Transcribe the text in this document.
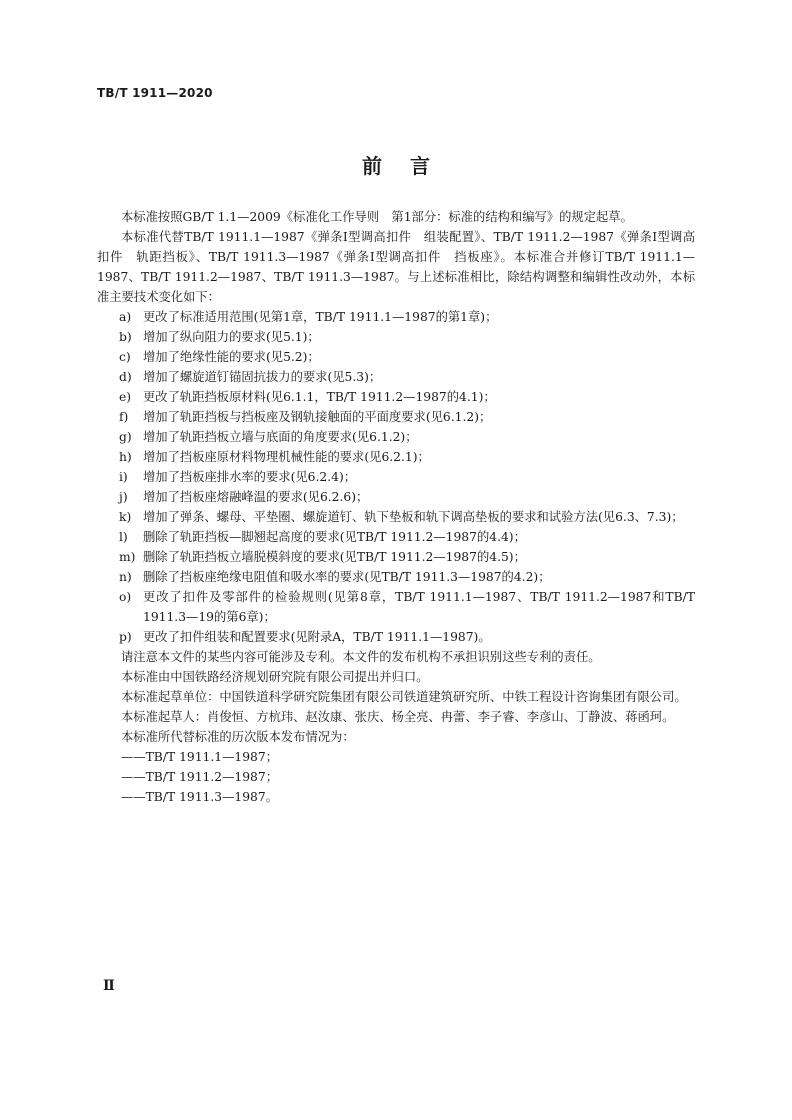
TB/T 1911—2020
前言

本标准按照GB/T 1.1—2009《标准化工作导则　第1部分：标准的结构和编写》的规定起草。

本标准代替TB/T 1911.1—1987《弹条Ⅰ型调高扣件　组装配置》、TB/T 1911.2—1987《弹条Ⅰ型调高扣件　轨距挡板》、TB/T 1911.3—1987《弹条Ⅰ型调高扣件　挡板座》。本标准合并修订TB/T 1911.1—1987、TB/T 1911.2—1987、TB/T 1911.3—1987。与上述标准相比，除结构调整和编辑性改动外，本标准主要技术变化如下：

a) 更改了标准适用范围(见第1章，TB/T 1911.1—1987的第1章)；
b) 增加了纵向阻力的要求(见5.1)；
c)	增加了绝缘性能的要求(见5.2)；
d) 增加了螺旋道钉锚固抗拔力的要求(见5.3)；
e) 更改了轨距挡板原材料(见6.1.1，TB/T 1911.2—1987的4.1)；
f)	增加了轨距挡板与挡板座及钢轨接触面的平面度要求(见6.1.2)；
g) 增加了轨距挡板立墙与底面的角度要求(见6.1.2)；
h) 增加了挡板座原材料物理机械性能的要求(见6.2.1)；
i)	增加了挡板座排水率的要求(见6.2.4)；
j)	增加了挡板座熔融峰温的要求(见6.2.6)；
k) 增加了弹条、螺母、平垫圈、螺旋道钉、轨下垫板和轨下调高垫板的要求和试验方法(见6.3、7.3)；
l)	删除了轨距挡板—脚翘起高度的要求(见TB/T 1911.2—1987的4.4)；
m) 删除了轨距挡板立墙脱模斜度的要求(见TB/T 1911.2—1987的4.5)；
n) 删除了挡板座绝缘电阻值和吸水率的要求(见TB/T 1911.3—1987的4.2)；
o) 更改了扣件及零部件的检验规则(见第8章，TB/T 1911.1—1987、TB/T 1911.2—1987和TB/T 1911.3—19的第6章)；
p) 更改了扣件组装和配置要求(见附录A，TB/T 1911.1—1987)。

请注意本文件的某些内容可能涉及专利。本文件的发布机构不承担识别这些专利的责任。

本标准由中国铁路经济规划研究院有限公司提出并归口。

本标准起草单位：中国铁道科学研究院集团有限公司铁道建筑研究所、中铁工程设计咨询集团有限公司。

本标准起草人：肖俊恒、方杭玮、赵汝康、张庆、杨全亮、冉蕾、李子睿、李彦山、丁静波、蒋函珂。

本标准所代替标准的历次版本发布情况为：

——TB/T 1911.1—1987；

——TB/T 1911.2—1987；

——TB/T 1911.3—1987。

Ⅱ
